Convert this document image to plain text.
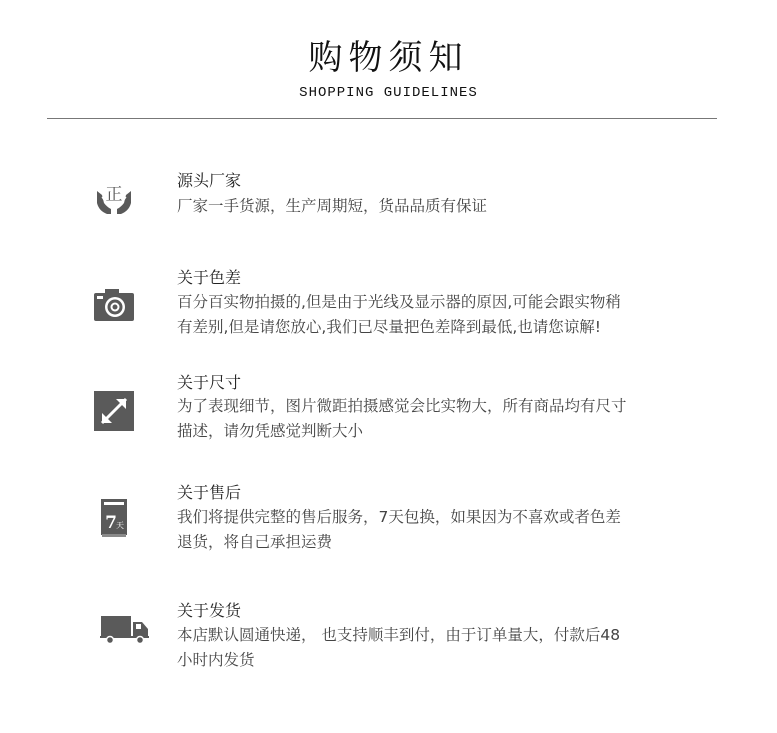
购物须知
SHOPPING GUIDELINES
正
源头厂家
厂家一手货源，生产周期短，货品品质有保证
关于色差
百分百实物拍摄的,但是由于光线及显示器的原因,可能会跟实物稍
有差别,但是请您放心,我们已尽量把色差降到最低,也请您谅解!
关于尺寸
为了表现细节，图片微距拍摄感觉会比实物大，所有商品均有尺寸
描述，请勿凭感觉判断大小
7 天
关于售后
我们将提供完整的售后服务，7天包换，如果因为不喜欢或者色差
退货，将自己承担运费
关于发货
本店默认圆通快递， 也支持顺丰到付，由于订单量大，付款后48
小时内发货
